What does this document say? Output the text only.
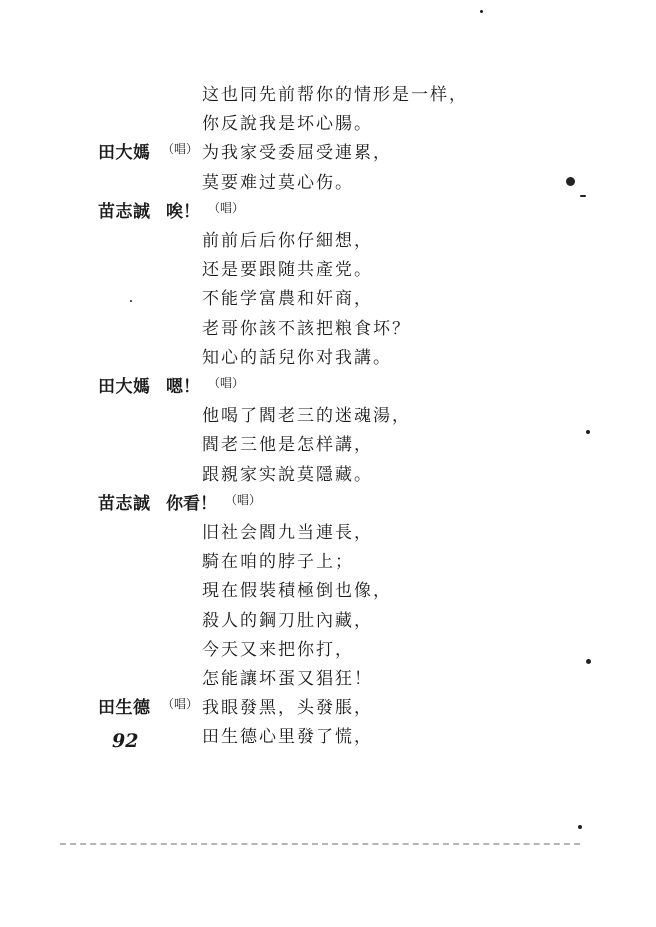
这也同先前帮你的情形是一样，
你反說我是坏心腸。
田大媽 （唱） 为我家受委屈受連累，
莫要难过莫心伤。
苗志誠 唉！ （唱）
前前后后你仔細想，
还是要跟随共產党。
不能学富農和奸商，
老哥你該不該把粮食坏？
知心的話兒你对我講。
田大媽 嗯！ （唱）
他喝了閻老三的迷魂湯，
閻老三他是怎样講，
跟親家实說莫隱藏。
苗志誠 你看！ （唱）
旧社会閻九当連長，
騎在咱的脖子上；
現在假裝積極倒也像，
殺人的鋼刀肚內藏，
今天又来把你打，
怎能讓坏蛋又猖狂！
田生德 （唱） 我眼發黑，头發脹，
田生德心里發了慌，
92
